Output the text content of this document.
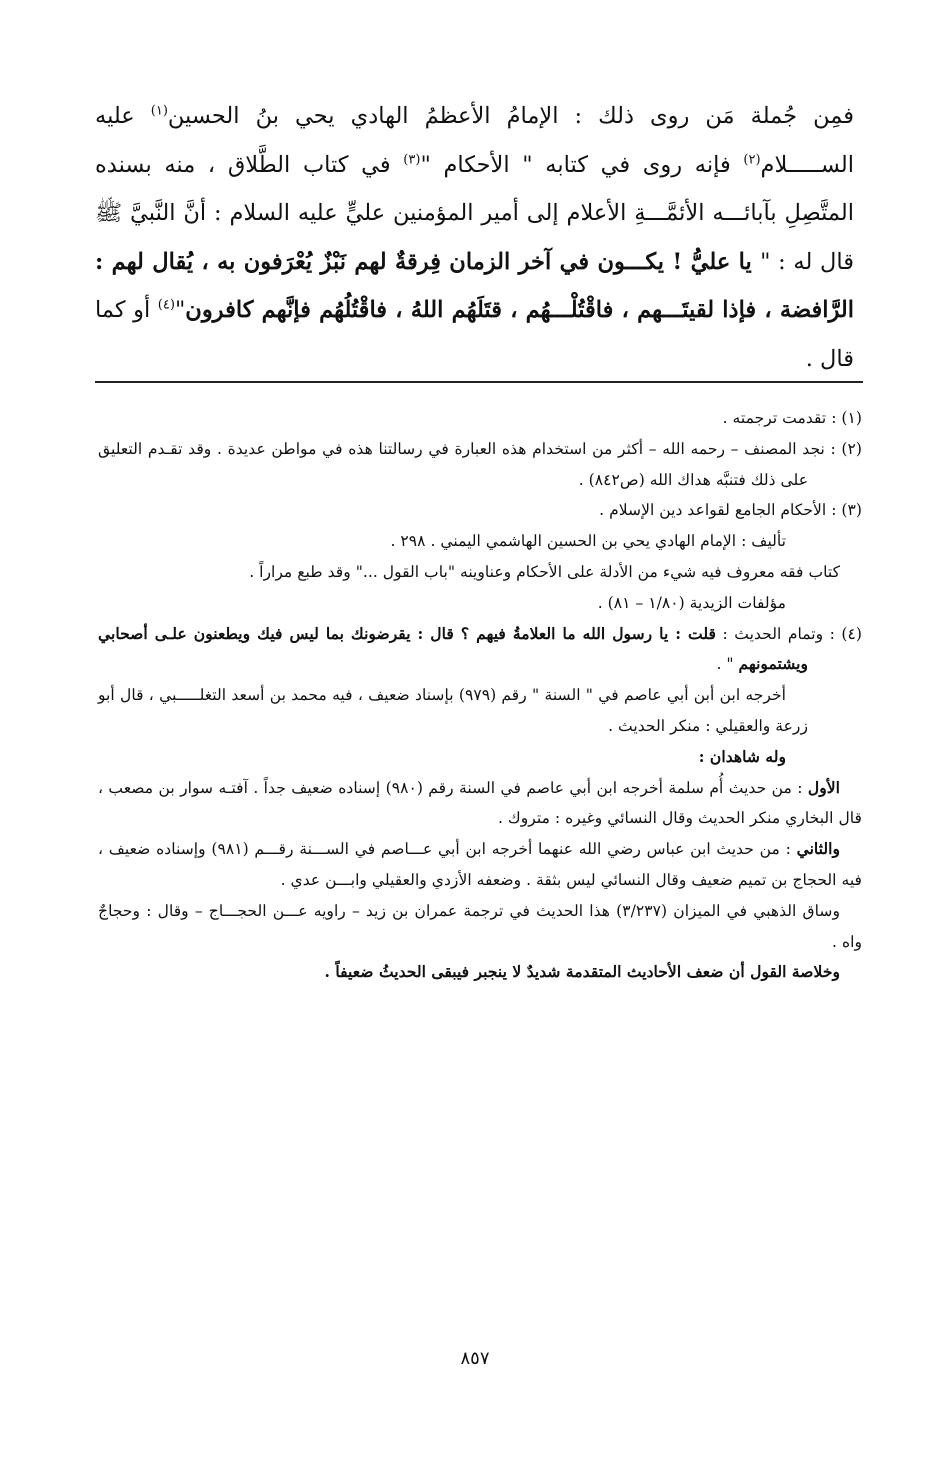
فمِن جُملة مَن روى ذلك : الإمامُ الأعظمُ الهادي يحي بنُ الحسين$^{(١)}$ عليه الســـــلام$^{(٢)}$ فإنه روى في كتابه " الأحكام "$^{(٣)}$ في كتاب الطَّلاق ، منه بسنده المتَّصِلِ بآبائـــه الأئمَّـــةِ الأعلام إلى أمير المؤمنين عليٍّ عليه السلام : أنَّ النَّبيَّ ﷺ قال له : " يا عليُّ ! يكـــون في آخر الزمان فِرقةٌ لهم نَبْزٌ يُعْرَفون به ، يُقال لهم : الرَّافضة ، فإذا لقيتَـــهم ، فاقْتُلْـــهُم ، قتَلَهُم اللهُ ، فاقْتُلُهُم فإنَّهم كافرون"$^{(٤)}$ أو كما قال .

(١) : تقدمت ترجمته .

(٢) : نجد المصنف – رحمه الله – أكثر من استخدام هذه العبارة في رسالتنا هذه في مواطن عديدة . وقد تقـدم التعليق على ذلك فتنبَّه هداك الله (ص٨٤٢) .

(٣) : الأحكام الجامع لقواعد دين الإسلام .

تأليف : الإمام الهادي يحي بن الحسين الهاشمي اليمني . ٢٩٨ .

كتاب فقه معروف فيه شيء من الأدلة على الأحكام وعناوينه "باب القول ..." وقد طبع مراراً .

مؤلفات الزيدية (١/٨٠ – ٨١) .

(٤) : وتمام الحديث : قلت : يا رسول الله ما العلامةُ فيهم ؟ قال : يقرضونك بما ليس فيك ويطعنون علـى أصحابي ويشتمونهم " .

أخرجه ابن أبن أبي عاصم في " السنة " رقم (٩٧٩) بإسناد ضعيف ، فيه محمد بن أسعد التغلـــــبي ، قال أبو زرعة والعقيلي : منكر الحديث .

وله شاهدان :

الأول : من حديث أُم سلمة أخرجه ابن أبي عاصم في السنة رقم (٩٨٠) إسناده ضعيف جداً . آفتـه سوار بن مصعب ، قال البخاري منكر الحديث وقال النسائي وغيره : متروك .

والثاني : من حديث ابن عباس رضي الله عنهما أخرجه ابن أبي عـــاصم في الســـنة رقـــم (٩٨١) وإسناده ضعيف ، فيه الحجاج بن تميم ضعيف وقال النسائي ليس بثقة . وضعفه الأزدي والعقيلي وابـــن عدي .

وساق الذهبي في الميزان (٣/٢٣٧) هذا الحديث في ترجمة عمران بن زيد – راويه عـــن الحجـــاج – وقال : وحجاجٌ واه .

وخلاصة القول أن ضعف الأحاديث المتقدمة شديدٌ لا ينجبر فيبقى الحديثُ ضعيفاً .

٨٥٧
